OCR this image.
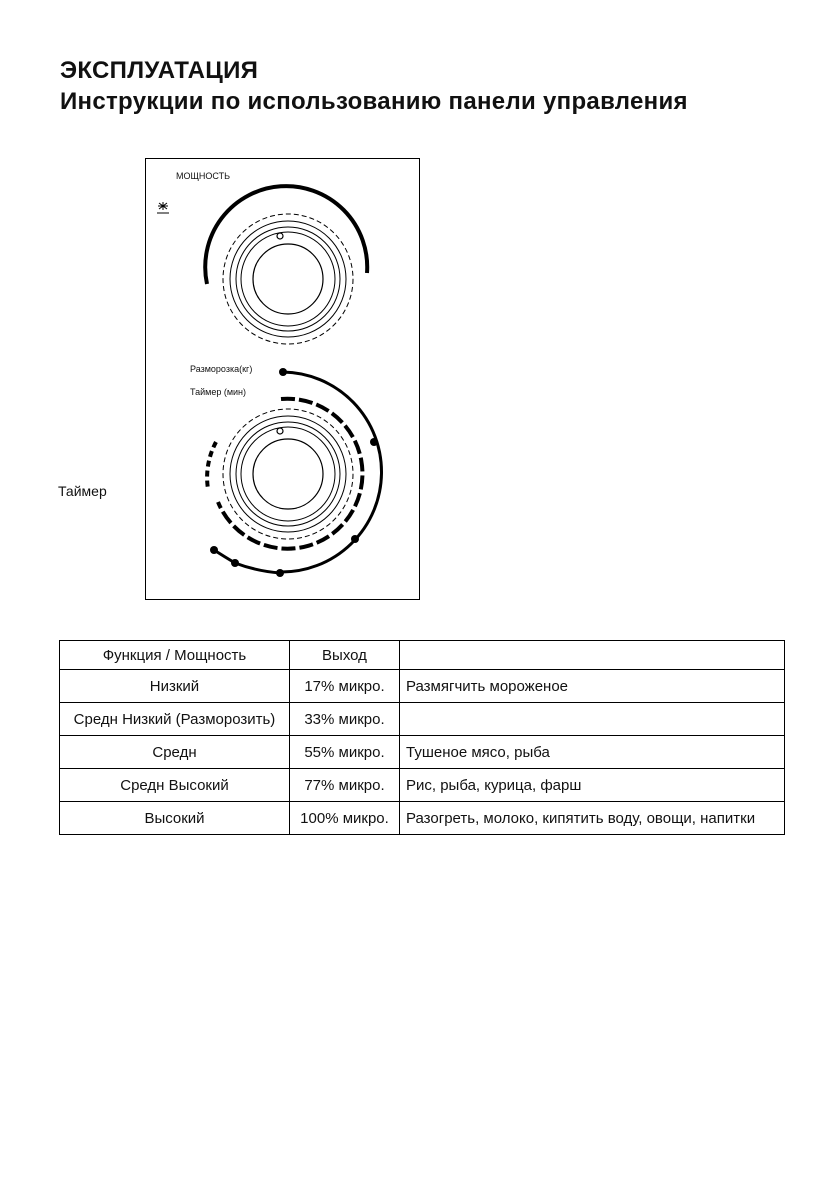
ЭКСПЛУАТАЦИЯ
Инструкции по использованию панели управления
МОЩНОСТЬ
Разморозка(кг)
Таймер (мин)
Таймер
Функция / Мощность	Выход	
Низкий	17% микро.	Размягчить мороженое
Средн Низкий (Разморозить)	33% микро.	
Средн	55% микро.	Тушеное мясо, рыба
Средн Высокий	77% микро.	Рис, рыба, курица, фарш
Высокий	100% микро.	Разогреть, молоко, кипятить воду, овощи, напитки
